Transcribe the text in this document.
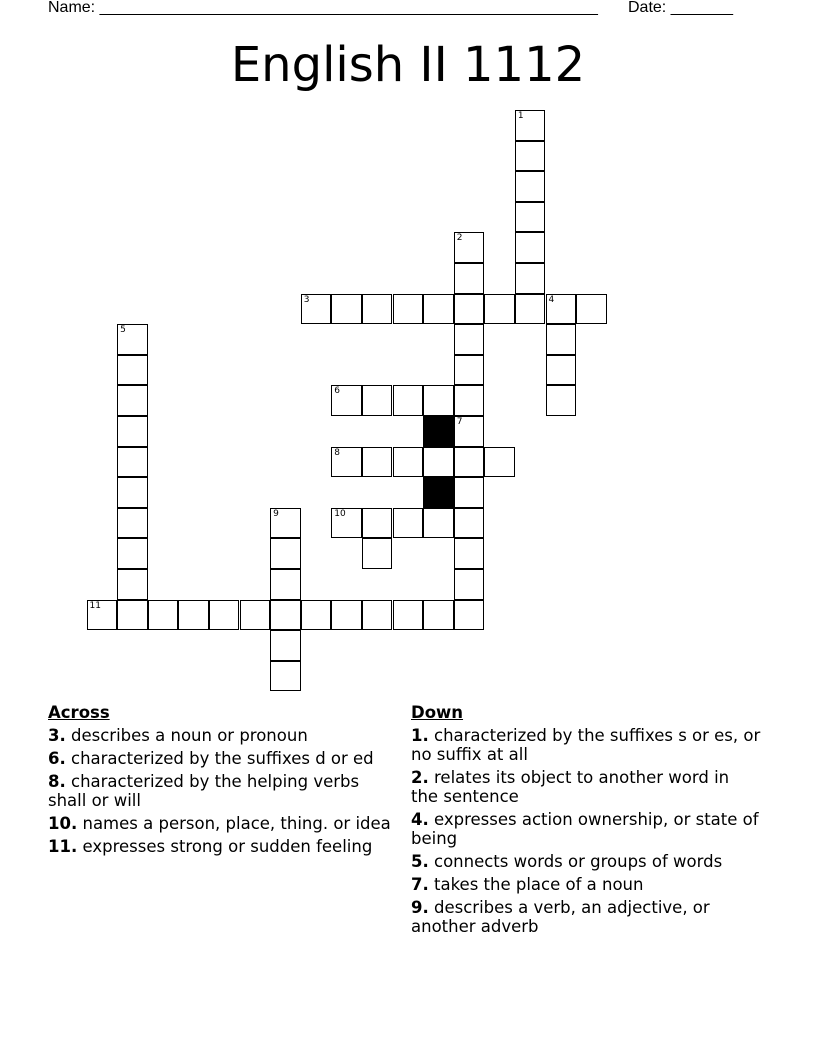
Name: ________________________________________________________ Date: _______
English II 1112
1
2
3	4
5
6
7
8
9	10
11
Across
3. describes a noun or pronoun
6. characterized by the suffixes d or ed
8. characterized by the helping verbs shall or will
10. names a person, place, thing. or idea
11. expresses strong or sudden feeling
Down
1. characterized by the suffixes s or es, or no suffix at all
2. relates its object to another word in the sentence
4. expresses action ownership, or state of being
5. connects words or groups of words
7. takes the place of a noun
9. describes a verb, an adjective, or another adverb
